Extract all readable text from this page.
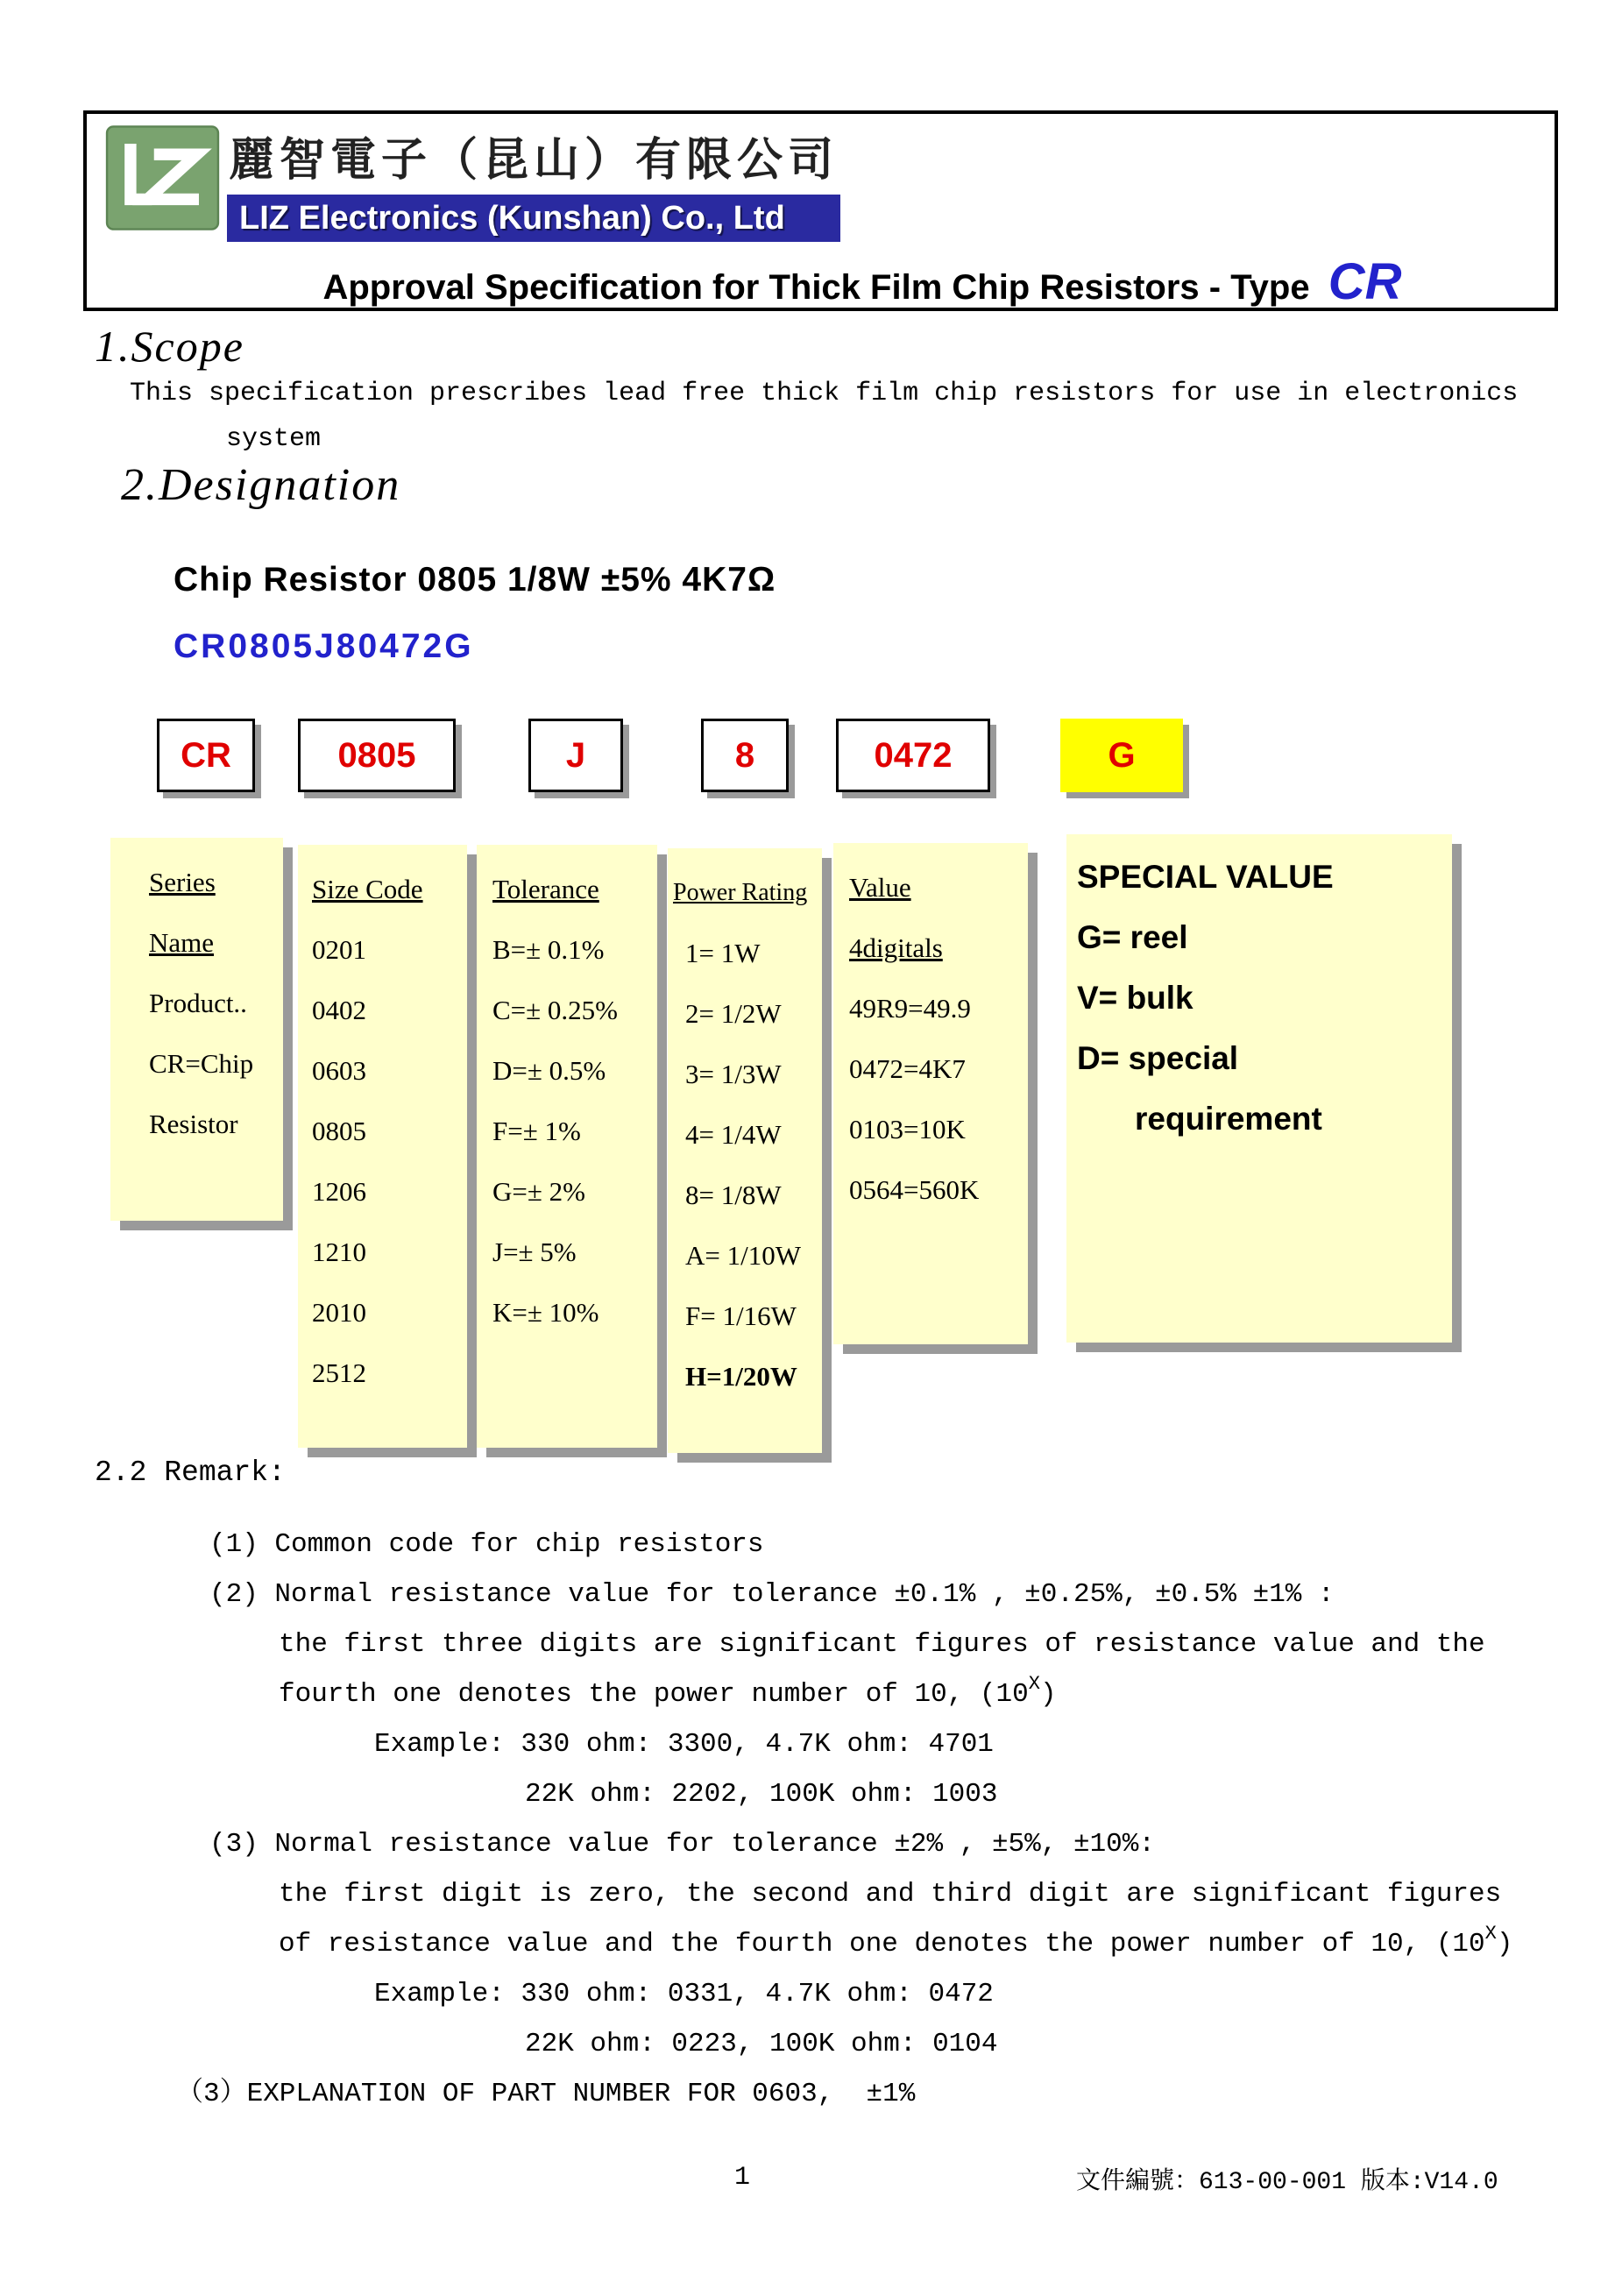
麗智電子（昆山）有限公司
LIZ Electronics (Kunshan) Co., Ltd
Approval Specification for Thick Film Chip Resistors - Type CR
1.Scope
This specification prescribes lead free thick film chip resistors for use in electronics
system
2.Designation
Chip Resistor 0805 1/8W ±5% 4K7Ω
CR0805J80472G
CR	0805	J	8	0472	G
Series
Name
Product..
CR=Chip
Resistor
Size Code
0201
0402
0603
0805
1206
1210
2010
2512
Tolerance
B=± 0.1%
C=± 0.25%
D=± 0.5%
F=± 1%
G=± 2%
J=± 5%
K=± 10%
Power Rating
1= 1W
2= 1/2W
3= 1/3W
4= 1/4W
8= 1/8W
A= 1/10W
F= 1/16W
H=1/20W
Value
4digitals
49R9=49.9
0472=4K7
0103=10K
0564=560K
SPECIAL VALUE
G= reel
V= bulk
D= special
requirement
2.2 Remark:
(1) Common code for chip resistors
(2) Normal resistance value for tolerance ±0.1% , ±0.25%, ±0.5% ±1% :
the first three digits are significant figures of resistance value and the
fourth one denotes the power number of 10, $(10^X)$
Example: 330 ohm: 3300, 4.7K ohm: 4701
22K ohm: 2202, 100K ohm: 1003
(3) Normal resistance value for tolerance ±2% , ±5%, ±10%:
the first digit is zero, the second and third digit are significant figures
of resistance value and the fourth one denotes the power number of 10, $(10^X)$
Example: 330 ohm: 0331, 4.7K ohm: 0472
22K ohm: 0223, 100K ohm: 0104
（3）EXPLANATION OF PART NUMBER FOR 0603,  ±1%
1	文件編號：613-00-001 版本:V14.0
